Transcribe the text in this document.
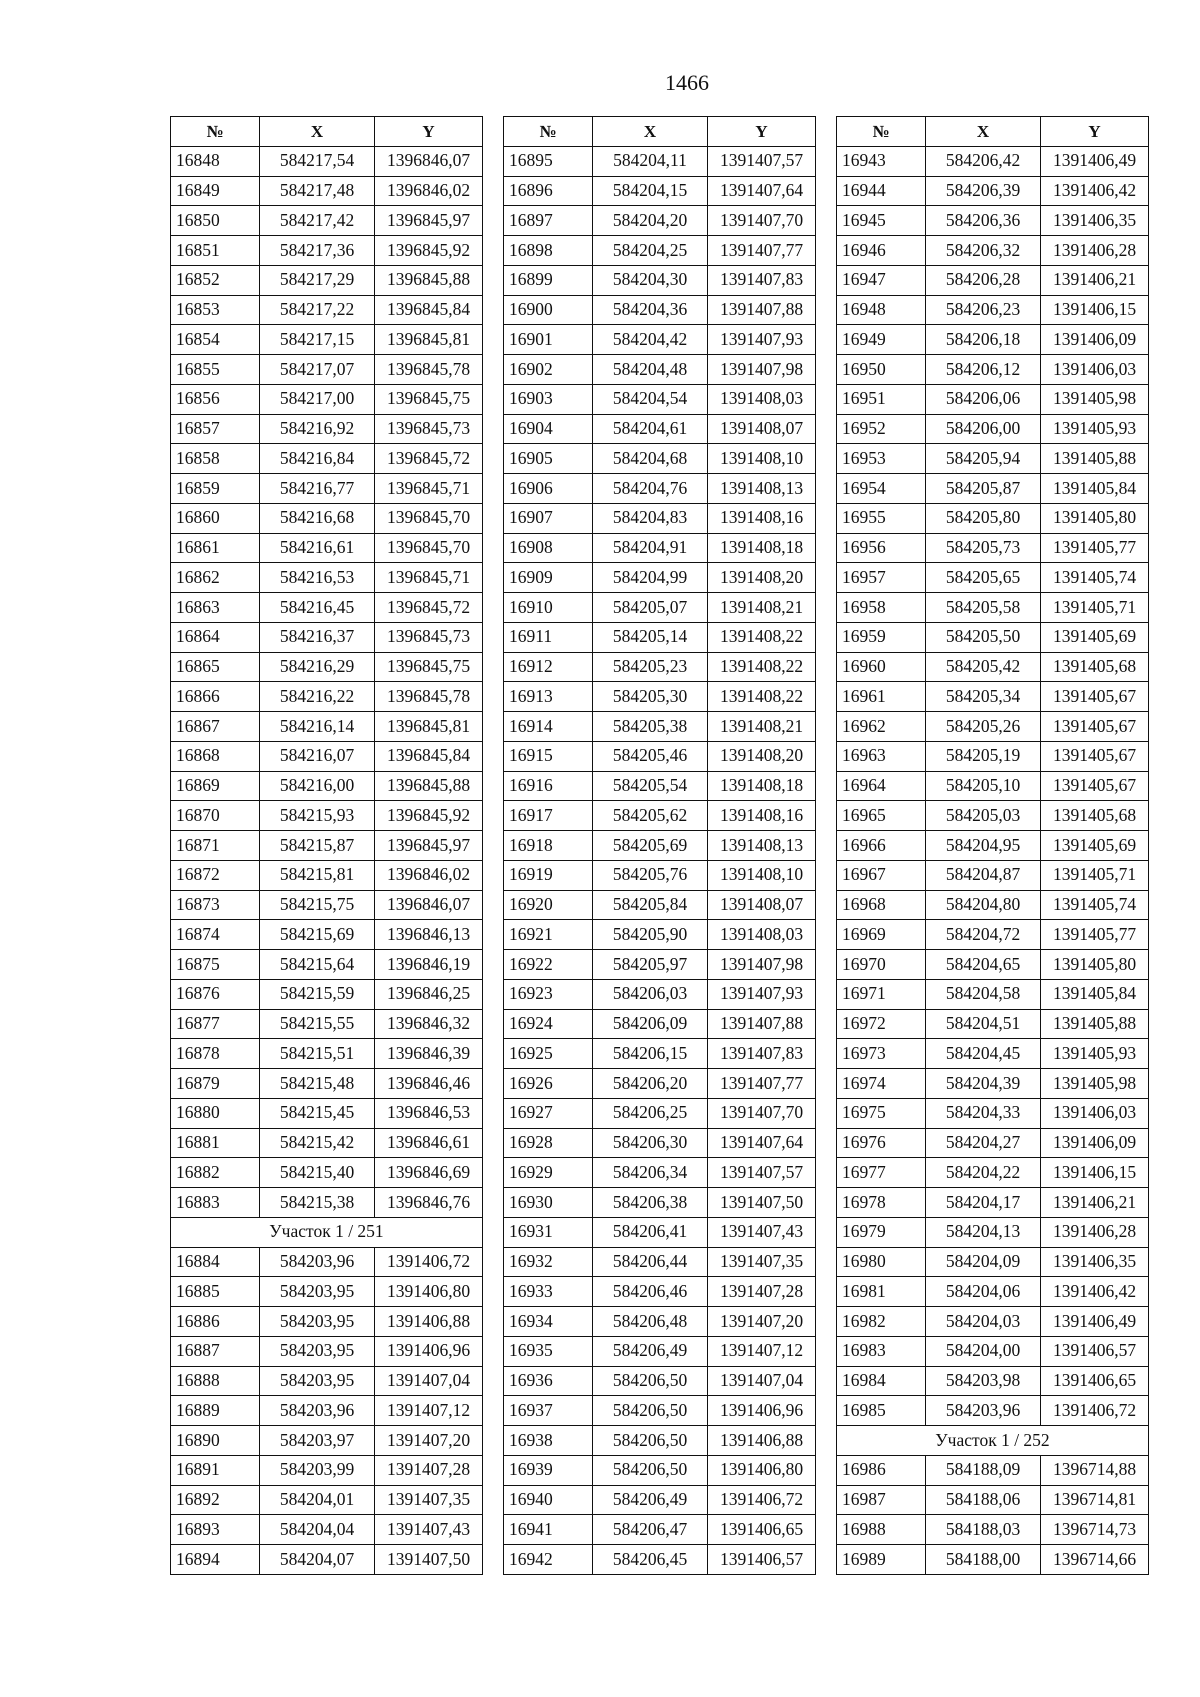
1466
№	X	Y
16848	584217,54	1396846,07
16849	584217,48	1396846,02
16850	584217,42	1396845,97
16851	584217,36	1396845,92
16852	584217,29	1396845,88
16853	584217,22	1396845,84
16854	584217,15	1396845,81
16855	584217,07	1396845,78
16856	584217,00	1396845,75
16857	584216,92	1396845,73
16858	584216,84	1396845,72
16859	584216,77	1396845,71
16860	584216,68	1396845,70
16861	584216,61	1396845,70
16862	584216,53	1396845,71
16863	584216,45	1396845,72
16864	584216,37	1396845,73
16865	584216,29	1396845,75
16866	584216,22	1396845,78
16867	584216,14	1396845,81
16868	584216,07	1396845,84
16869	584216,00	1396845,88
16870	584215,93	1396845,92
16871	584215,87	1396845,97
16872	584215,81	1396846,02
16873	584215,75	1396846,07
16874	584215,69	1396846,13
16875	584215,64	1396846,19
16876	584215,59	1396846,25
16877	584215,55	1396846,32
16878	584215,51	1396846,39
16879	584215,48	1396846,46
16880	584215,45	1396846,53
16881	584215,42	1396846,61
16882	584215,40	1396846,69
16883	584215,38	1396846,76
Участок 1 / 251		
16884	584203,96	1391406,72
16885	584203,95	1391406,80
16886	584203,95	1391406,88
16887	584203,95	1391406,96
16888	584203,95	1391407,04
16889	584203,96	1391407,12
16890	584203,97	1391407,20
16891	584203,99	1391407,28
16892	584204,01	1391407,35
16893	584204,04	1391407,43
16894	584204,07	1391407,50
№	X	Y
16895	584204,11	1391407,57
16896	584204,15	1391407,64
16897	584204,20	1391407,70
16898	584204,25	1391407,77
16899	584204,30	1391407,83
16900	584204,36	1391407,88
16901	584204,42	1391407,93
16902	584204,48	1391407,98
16903	584204,54	1391408,03
16904	584204,61	1391408,07
16905	584204,68	1391408,10
16906	584204,76	1391408,13
16907	584204,83	1391408,16
16908	584204,91	1391408,18
16909	584204,99	1391408,20
16910	584205,07	1391408,21
16911	584205,14	1391408,22
16912	584205,23	1391408,22
16913	584205,30	1391408,22
16914	584205,38	1391408,21
16915	584205,46	1391408,20
16916	584205,54	1391408,18
16917	584205,62	1391408,16
16918	584205,69	1391408,13
16919	584205,76	1391408,10
16920	584205,84	1391408,07
16921	584205,90	1391408,03
16922	584205,97	1391407,98
16923	584206,03	1391407,93
16924	584206,09	1391407,88
16925	584206,15	1391407,83
16926	584206,20	1391407,77
16927	584206,25	1391407,70
16928	584206,30	1391407,64
16929	584206,34	1391407,57
16930	584206,38	1391407,50
16931	584206,41	1391407,43
16932	584206,44	1391407,35
16933	584206,46	1391407,28
16934	584206,48	1391407,20
16935	584206,49	1391407,12
16936	584206,50	1391407,04
16937	584206,50	1391406,96
16938	584206,50	1391406,88
16939	584206,50	1391406,80
16940	584206,49	1391406,72
16941	584206,47	1391406,65
16942	584206,45	1391406,57
№	X	Y
16943	584206,42	1391406,49
16944	584206,39	1391406,42
16945	584206,36	1391406,35
16946	584206,32	1391406,28
16947	584206,28	1391406,21
16948	584206,23	1391406,15
16949	584206,18	1391406,09
16950	584206,12	1391406,03
16951	584206,06	1391405,98
16952	584206,00	1391405,93
16953	584205,94	1391405,88
16954	584205,87	1391405,84
16955	584205,80	1391405,80
16956	584205,73	1391405,77
16957	584205,65	1391405,74
16958	584205,58	1391405,71
16959	584205,50	1391405,69
16960	584205,42	1391405,68
16961	584205,34	1391405,67
16962	584205,26	1391405,67
16963	584205,19	1391405,67
16964	584205,10	1391405,67
16965	584205,03	1391405,68
16966	584204,95	1391405,69
16967	584204,87	1391405,71
16968	584204,80	1391405,74
16969	584204,72	1391405,77
16970	584204,65	1391405,80
16971	584204,58	1391405,84
16972	584204,51	1391405,88
16973	584204,45	1391405,93
16974	584204,39	1391405,98
16975	584204,33	1391406,03
16976	584204,27	1391406,09
16977	584204,22	1391406,15
16978	584204,17	1391406,21
16979	584204,13	1391406,28
16980	584204,09	1391406,35
16981	584204,06	1391406,42
16982	584204,03	1391406,49
16983	584204,00	1391406,57
16984	584203,98	1391406,65
16985	584203,96	1391406,72
Участок 1 / 252		
16986	584188,09	1396714,88
16987	584188,06	1396714,81
16988	584188,03	1396714,73
16989	584188,00	1396714,66
